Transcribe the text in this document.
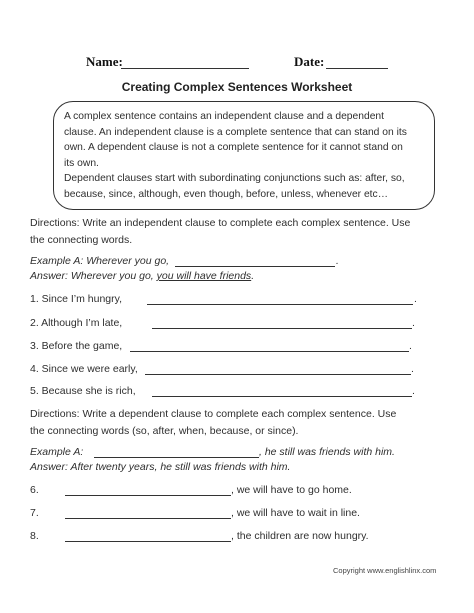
Name:	Date:
Creating Complex Sentences Worksheet

A complex sentence contains an independent clause and a dependent

clause. An independent clause is a complete sentence that can stand on its

own. A dependent clause is not a complete sentence for it cannot stand on

its own.

Dependent clauses start with subordinating conjunctions such as: after, so,

because, since, although, even though, before, unless, whenever etc…

Directions: Write an independent clause to complete each complex sentence. Use
the connecting words.
Example A: Wherever you go,	.
Answer: Wherever you go, you will have friends.
1. Since I’m hungry,	.
2. Although I’m late,	.
3. Before the game,	.
4. Since we were early,	.
5. Because she is rich,	.
Directions: Write a dependent clause to complete each complex sentence. Use
the connecting words (so, after, when, because, or since).
Example A:	, he still was friends with him.
Answer: After twenty years, he still was friends with him.
6.	, we will have to go home.
7.	, we will have to wait in line.
8.	, the children are now hungry.
Copyright www.englishlinx.com
